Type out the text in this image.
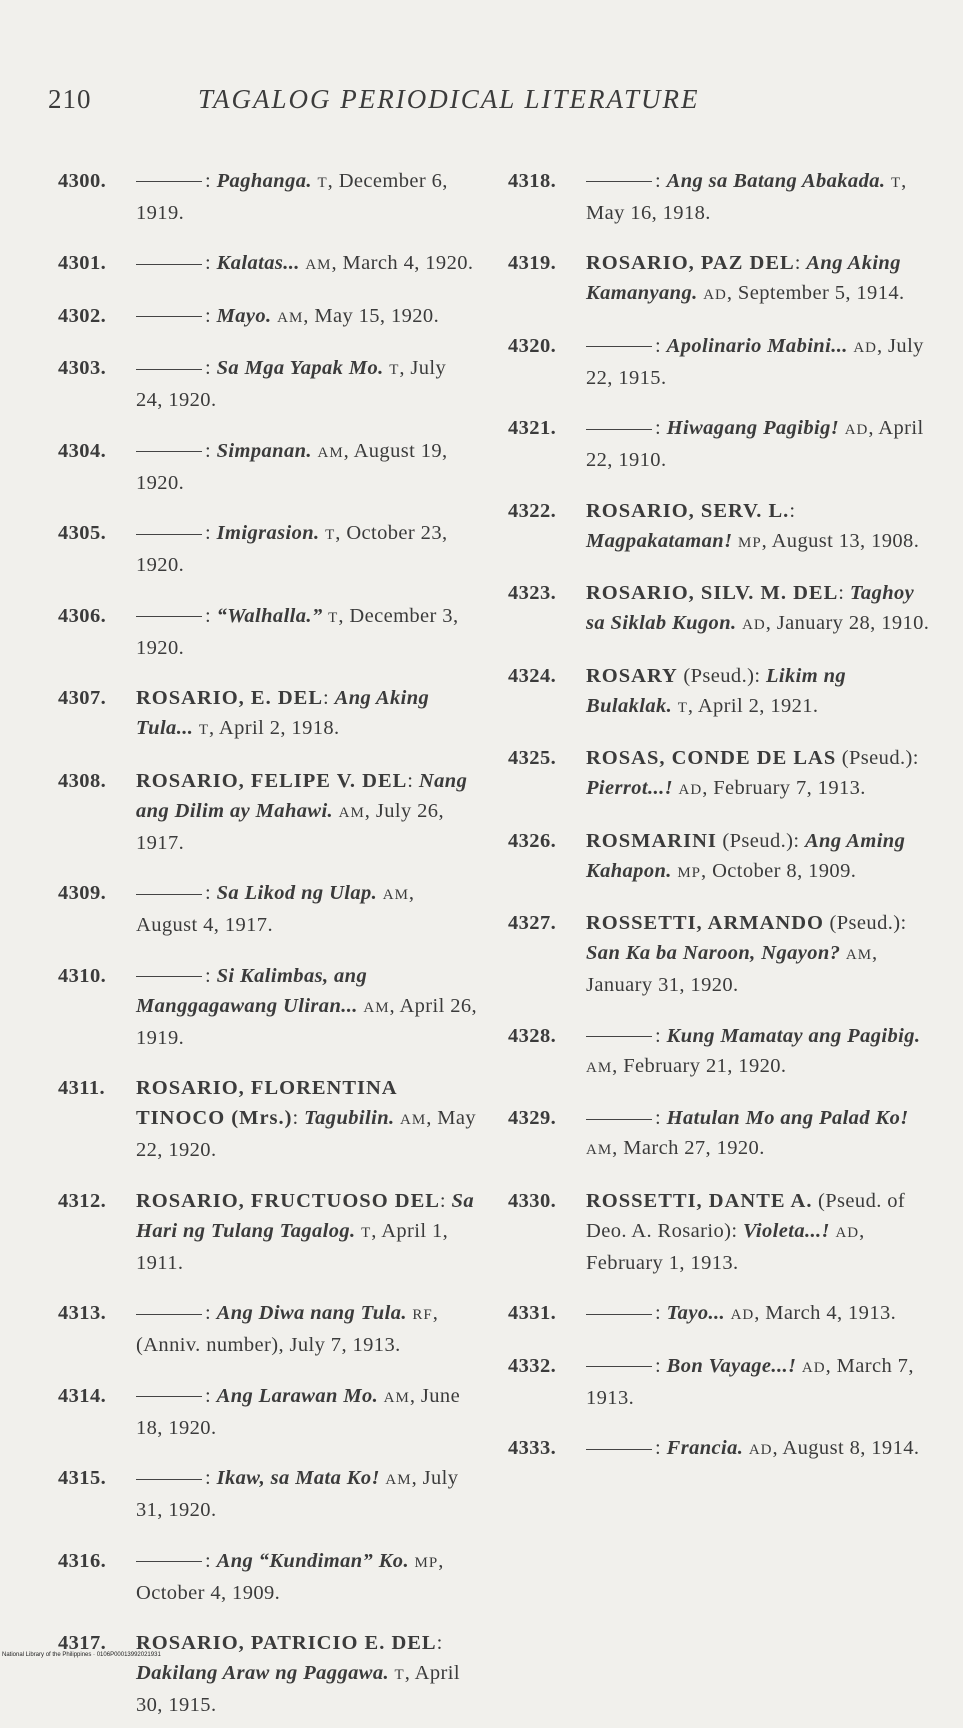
210	TAGALOG PERIODICAL LITERATURE

4300.	: Paghanga. T, December 6, 1919.

4301.	: Kalatas... AM, March 4, 1920.

4302.	: Mayo. AM, May 15, 1920.

4303.	: Sa Mga Yapak Mo. T, July 24, 1920.

4304.	: Simpanan. AM, August 19, 1920.

4305.	: Imigrasion. T, October 23, 1920.

4306.	: “Walhalla.” T, December 3, 1920.

4307. ROSARIO, E. DEL: Ang Aking Tula... T, April 2, 1918.

4308. ROSARIO, FELIPE V. DEL: Nang ang Dilim ay Mahawi. AM, July 26, 1917.

4309.	: Sa Likod ng Ulap. AM, August 4, 1917.

4310.	: Si Kalimbas, ang Manggagawang Uliran... AM, April 26, 1919.

4311. ROSARIO, FLORENTINA TINOCO (Mrs.): Tagubilin. AM, May 22, 1920.

4312. ROSARIO, FRUCTUOSO DEL: Sa Hari ng Tulang Tagalog. T, April 1, 1911.

4313.	: Ang Diwa nang Tula. RF, (Anniv. number), July 7, 1913.

4314.	: Ang Larawan Mo. AM, June 18, 1920.

4315.	: Ikaw, sa Mata Ko! AM, July 31, 1920.

4316.	: Ang “Kundiman” Ko. MP, October 4, 1909.

4317. ROSARIO, PATRICIO E. DEL: Dakilang Araw ng Paggawa. T, April 30, 1915.

4318.	: Ang sa Batang Abakada. T, May 16, 1918.

4319. ROSARIO, PAZ DEL: Ang Aking Kamanyang. AD, September 5, 1914.

4320.	: Apolinario Mabini... AD, July 22, 1915.

4321.	: Hiwagang Pagibig! AD, April 22, 1910.

4322. ROSARIO, SERV. L.: Magpakataman! MP, August 13, 1908.

4323. ROSARIO, SILV. M. DEL: Taghoy sa Siklab Kugon. AD, January 28, 1910.

4324. ROSARY (Pseud.): Likim ng Bulaklak. T, April 2, 1921.

4325. ROSAS, CONDE DE LAS (Pseud.): Pierrot...! AD, February 7, 1913.

4326. ROSMARINI (Pseud.): Ang Aming Kahapon. MP, October 8, 1909.

4327. ROSSETTI, ARMANDO (Pseud.): San Ka ba Naroon, Ngayon? AM, January 31, 1920.

4328.	: Kung Mamatay ang Pagibig. AM, February 21, 1920.

4329.	: Hatulan Mo ang Palad Ko! AM, March 27, 1920.

4330. ROSSETTI, DANTE A. (Pseud. of Deo. A. Rosario): Violeta...! AD, February 1, 1913.

4331.	: Tayo... AD, March 4, 1913.

4332.	: Bon Vayage...! AD, March 7, 1913.

4333.	: Francia. AD, August 8, 1914.

National Library of the Philippines · 0106P00013992021931
